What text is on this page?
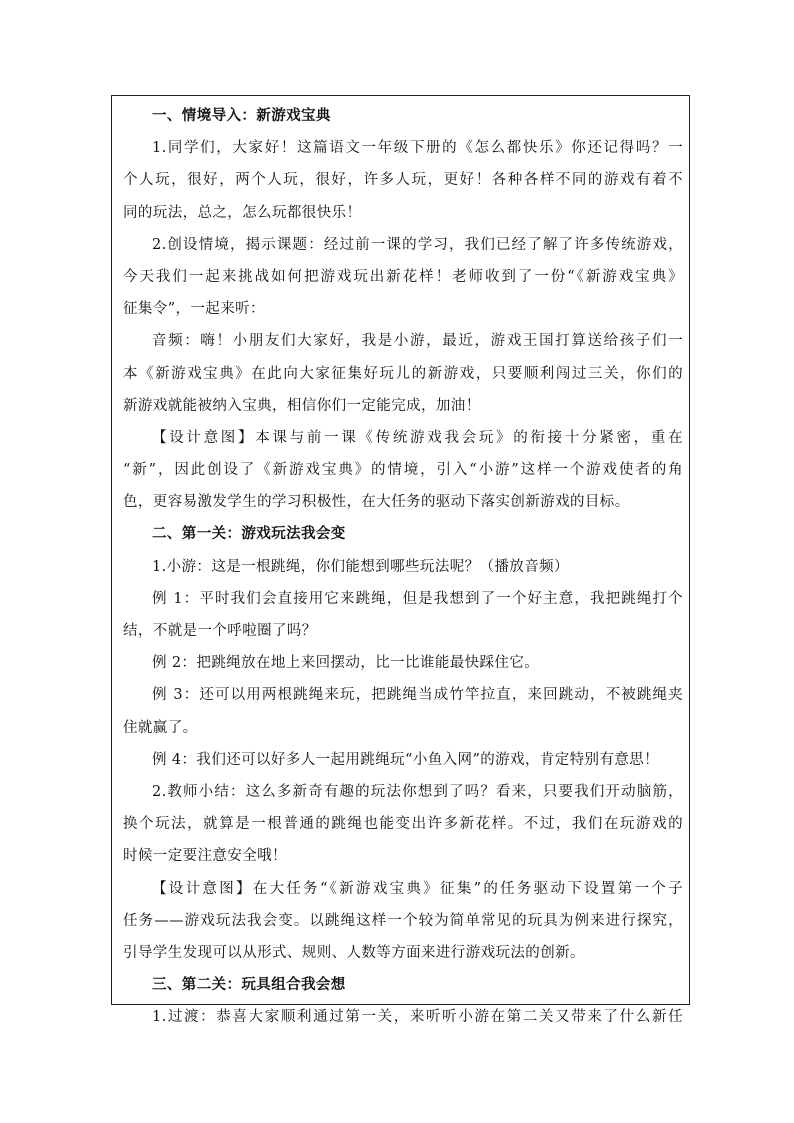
一、情境导入：新游戏宝典
1.同学们，大家好！这篇语文一年级下册的《怎么都快乐》你还记得吗？一
个人玩，很好，两个人玩，很好，许多人玩，更好！各种各样不同的游戏有着不
同的玩法，总之，怎么玩都很快乐！
2.创设情境，揭示课题：经过前一课的学习，我们已经了解了许多传统游戏，
今天我们一起来挑战如何把游戏玩出新花样！老师收到了一份“《新游戏宝典》
征集令”，一起来听：
音频：嗨！小朋友们大家好，我是小游，最近，游戏王国打算送给孩子们一
本《新游戏宝典》在此向大家征集好玩儿的新游戏，只要顺利闯过三关，你们的
新游戏就能被纳入宝典，相信你们一定能完成，加油！
【设计意图】本课与前一课《传统游戏我会玩》的衔接十分紧密，重在
“新”，因此创设了《新游戏宝典》的情境，引入“小游”这样一个游戏使者的角
色，更容易激发学生的学习积极性，在大任务的驱动下落实创新游戏的目标。
二、第一关：游戏玩法我会变
1.小游：这是一根跳绳，你们能想到哪些玩法呢？（播放音频）
例 1：平时我们会直接用它来跳绳，但是我想到了一个好主意，我把跳绳打个
结，不就是一个呼啦圈了吗？
例 2：把跳绳放在地上来回摆动，比一比谁能最快踩住它。
例 3：还可以用两根跳绳来玩，把跳绳当成竹竿拉直，来回跳动，不被跳绳夹
住就赢了。
例 4：我们还可以好多人一起用跳绳玩“小鱼入网”的游戏，肯定特别有意思！
2.教师小结：这么多新奇有趣的玩法你想到了吗？看来，只要我们开动脑筋，
换个玩法，就算是一根普通的跳绳也能变出许多新花样。不过，我们在玩游戏的
时候一定要注意安全哦！
【设计意图】在大任务“《新游戏宝典》征集”的任务驱动下设置第一个子
任务——游戏玩法我会变。以跳绳这样一个较为简单常见的玩具为例来进行探究，
引导学生发现可以从形式、规则、人数等方面来进行游戏玩法的创新。
三、第二关：玩具组合我会想
1.过渡：恭喜大家顺利通过第一关，来听听小游在第二关又带来了什么新任
